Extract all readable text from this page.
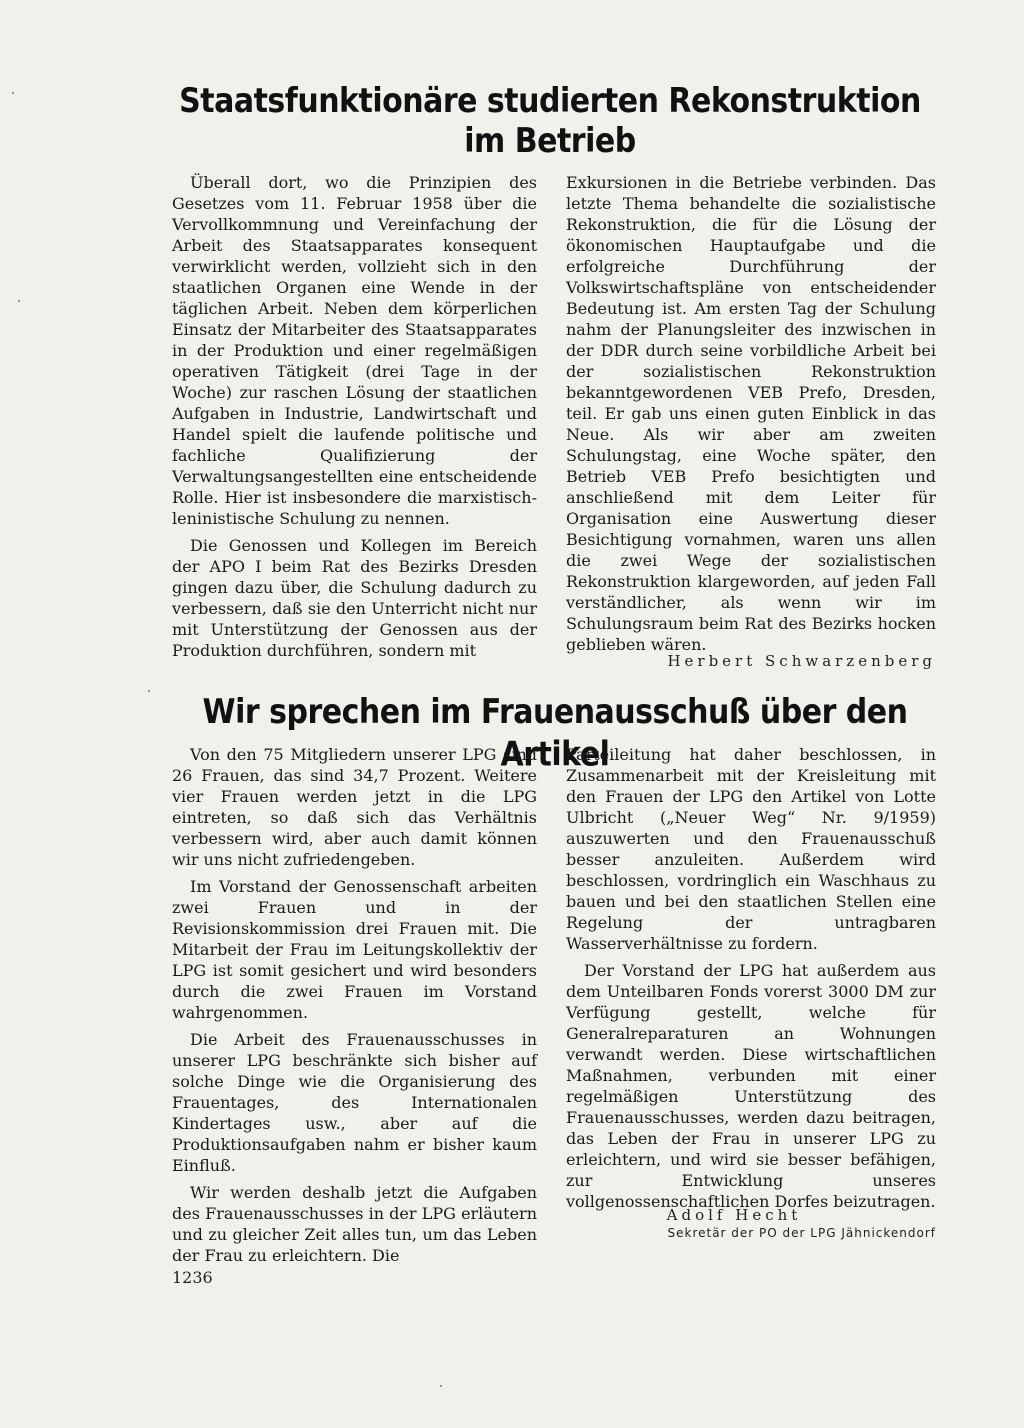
Staatsfunktionäre studierten Rekonstruktion
im Betrieb

Überall dort, wo die Prinzipien des Gesetzes vom 11. Februar 1958 über die Vervollkommnung und Vereinfachung der Arbeit des Staatsapparates konsequent verwirklicht werden, vollzieht sich in den staatlichen Organen eine Wende in der täglichen Arbeit. Neben dem körperlichen Einsatz der Mitarbeiter des Staatsapparates in der Produktion und einer regelmäßigen operativen Tätigkeit (drei Tage in der Woche) zur raschen Lösung der staatlichen Aufgaben in Industrie, Landwirtschaft und Handel spielt die laufende politische und fachliche Qualifizierung der Verwaltungsangestellten eine entscheidende Rolle. Hier ist insbesondere die marxistisch-leninistische Schulung zu nennen.

Die Genossen und Kollegen im Bereich der APO I beim Rat des Bezirks Dresden gingen dazu über, die Schulung dadurch zu verbessern, daß sie den Unterricht nicht nur mit Unterstützung der Genossen aus der Produktion durchführen, sondern mit

Exkursionen in die Betriebe verbinden. Das letzte Thema behandelte die sozialistische Rekonstruktion, die für die Lösung der ökonomischen Hauptaufgabe und die erfolgreiche Durchführung der Volkswirtschaftspläne von entscheidender Bedeutung ist. Am ersten Tag der Schulung nahm der Planungsleiter des inzwischen in der DDR durch seine vorbildliche Arbeit bei der sozialistischen Rekonstruktion bekanntgewordenen VEB Prefo, Dresden, teil. Er gab uns einen guten Einblick in das Neue. Als wir aber am zweiten Schulungstag, eine Woche später, den Betrieb VEB Prefo besichtigten und anschließend mit dem Leiter für Organisation eine Auswertung dieser Besichtigung vornahmen, waren uns allen die zwei Wege der sozialistischen Rekonstruktion klargeworden, auf jeden Fall verständlicher, als wenn wir im Schulungsraum beim Rat des Bezirks hocken geblieben wären.

Herbert Schwarzenberg
Wir sprechen im Frauenausschuß über den Artikel

Von den 75 Mitgliedern unserer LPG sind 26 Frauen, das sind 34,7 Prozent. Weitere vier Frauen werden jetzt in die LPG eintreten, so daß sich das Verhältnis verbessern wird, aber auch damit können wir uns nicht zufriedengeben.

Im Vorstand der Genossenschaft arbeiten zwei Frauen und in der Revisionskommission drei Frauen mit. Die Mitarbeit der Frau im Leitungskollektiv der LPG ist somit gesichert und wird besonders durch die zwei Frauen im Vorstand wahrgenommen.

Die Arbeit des Frauenausschusses in unserer LPG beschränkte sich bisher auf solche Dinge wie die Organisierung des Frauentages, des Internationalen Kindertages usw., aber auf die Produktionsaufgaben nahm er bisher kaum Einfluß.

Wir werden deshalb jetzt die Aufgaben des Frauenausschusses in der LPG erläutern und zu gleicher Zeit alles tun, um das Leben der Frau zu erleichtern. Die

Parteileitung hat daher beschlossen, in Zusammenarbeit mit der Kreisleitung mit den Frauen der LPG den Artikel von Lotte Ulbricht („Neuer Weg“ Nr. 9/1959) auszuwerten und den Frauenausschuß besser anzuleiten. Außerdem wird beschlossen, vordringlich ein Waschhaus zu bauen und bei den staatlichen Stellen eine Regelung der untragbaren Wasserverhältnisse zu fordern.

Der Vorstand der LPG hat außerdem aus dem Unteilbaren Fonds vorerst 3000 DM zur Verfügung gestellt, welche für Generalreparaturen an Wohnungen verwandt werden. Diese wirtschaftlichen Maßnahmen, verbunden mit einer regelmäßigen Unterstützung des Frauenausschusses, werden dazu beitragen, das Leben der Frau in unserer LPG zu erleichtern, und wird sie besser befähigen, zur Entwicklung unseres vollgenossenschaftlichen Dorfes beizutragen.

Adolf Hecht
Sekretär der PO der LPG Jähnickendorf
1236
